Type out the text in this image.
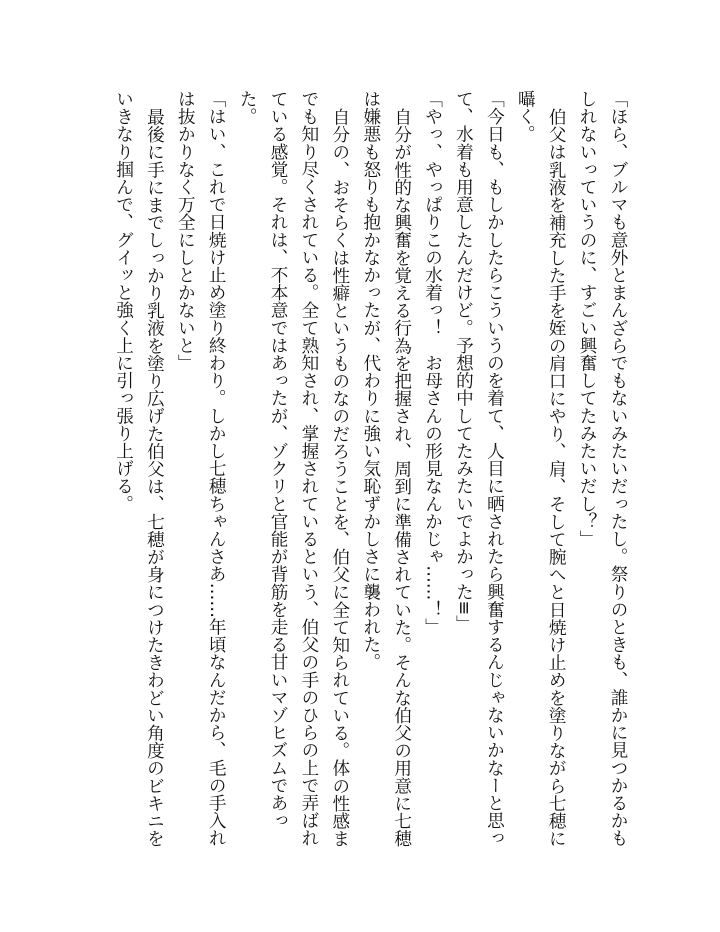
「ほら、ブルマも意外とまんざらでもないみたいだったし。祭りのときも、誰かに見つかるかも
しれないっていうのに、すごい興奮してたみたいだし？」
伯父は乳液を補充した手を姪の肩口にやり、肩、そして腕へと日焼け止めを塗りながら七穂に
囁く。
「今日も、もしかしたらこういうのを着て、人目に晒されたら興奮するんじゃないかなーと思っ
て、水着も用意したんだけど。予想的中してたみたいでよかった≡」
「やっ、やっぱりこの水着っ！　お母さんの形見なんかじゃ……！」
自分が性的な興奮を覚える行為を把握され、周到に準備されていた。そんな伯父の用意に七穂
は嫌悪も怒りも抱かなかったが、代わりに強い気恥ずかしさに襲われた。
自分の、おそらくは性癖というものなのだろうことを、伯父に全て知られている。体の性感ま
でも知り尽くされている。全て熟知され、掌握されているという、伯父の手のひらの上で弄ばれ
ている感覚。それは、不本意ではあったが、ゾクリと官能が背筋を走る甘いマゾヒズムであっ
た。
「はい、これで日焼け止め塗り終わり。しかし七穂ちゃんさあ……年頃なんだから、毛の手入れ
は抜かりなく万全にしとかないと」
最後に手にまでしっかり乳液を塗り広げた伯父は、七穂が身につけたきわどい角度のビキニを
いきなり掴んで、グイッと強く上に引っ張り上げる。
